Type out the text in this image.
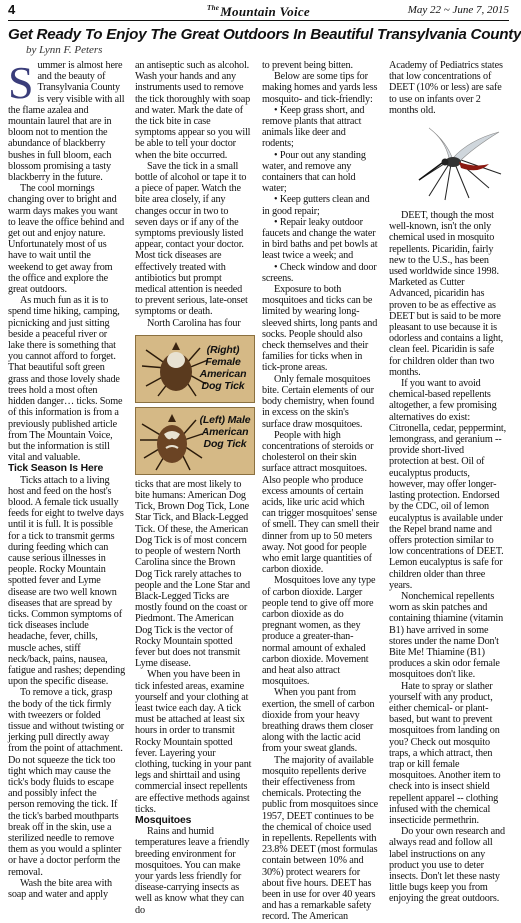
4	$^{The}$Mountain Voice	May 22 ~ June 7, 2015
Get Ready To Enjoy The Great Outdoors In Beautiful Transylvania County
by Lynn F. Peters

Summer is almost here and the beauty of Transylvania County is very visible with all the flame azalea and mountain laurel that are in bloom not to mention the abundance of blackberry bushes in full bloom, each blossom promising a tasty blackberry in the future.

The cool mornings changing over to bright and warm days makes you want to leave the office behind and get out and enjoy nature. Unfortunately most of us have to wait until the weekend to get away from the office and explore the great outdoors.

As much fun as it is to spend time hiking, camping, picnicking and just sitting beside a peaceful river or lake there is something that you cannot afford to forget. That beautiful soft green grass and those lovely shade trees hold a most often hidden danger… ticks. Some of this information is from a previously published article from The Mountain Voice, but the information is still vital and valuable.

Tick Season Is Here

Ticks attach to a living host and feed on the host's blood. A female tick usually feeds for eight to twelve days until it is full. It is possible for a tick to transmit germs during feeding which can cause serious illnesses in people. Rocky Mountain spotted fever and Lyme disease are two well known diseases that are spread by ticks. Common symptoms of tick diseases include headache, fever, chills, muscle aches, stiff neck/back, pains, nausea, fatigue and rashes; depending upon the specific disease.

To remove a tick, grasp the body of the tick firmly with tweezers or folded tissue and without twisting or jerking pull directly away from the point of attachment. Do not squeeze the tick too tight which may cause the tick's body fluids to escape and possibly infect the person removing the tick. If the tick's barbed mouthparts break off in the skin, use a sterilized needle to remove them as you would a splinter or have a doctor perform the removal.

Wash the bite area with soap and water and apply

an antiseptic such as alcohol. Wash your hands and any instruments used to remove the tick thoroughly with soap and water. Mark the date of the tick bite in case symptoms appear so you will be able to tell your doctor when the bite occurred.

Save the tick in a small bottle of alcohol or tape it to a piece of paper. Watch the bite area closely, if any changes occur in two to seven days or if any of the symptoms previously listed appear, contact your doctor. Most tick diseases are effectively treated with antibiotics but prompt medical attention is needed to prevent serious, late-onset symptoms or death.

North Carolina has four

(Right) Female American Dog Tick
(Left) Male American Dog Tick

ticks that are most likely to bite humans: American Dog Tick, Brown Dog Tick, Lone Star Tick, and Black-Legged Tick. Of these, the American Dog Tick is of most concern to people of western North Carolina since the Brown Dog Tick rarely attaches to people and the Lone Star and Black-Legged Ticks are mostly found on the coast or Piedmont. The American Dog Tick is the vector of Rocky Mountain spotted fever but does not transmit Lyme disease.

When you have been in tick infested areas, examine yourself and your clothing at least twice each day. A tick must be attached at least six hours in order to transmit Rocky Mountain spotted fever. Layering your clothing, tucking in your pant legs and shirttail and using commercial insect repellents are effective methods against ticks.

Mosquitoes

Rains and humid temperatures leave a friendly breeding environment for mosquitoes. You can make your yards less friendly for disease-carrying insects as well as know what they can do

to prevent being bitten.

Below are some tips for making homes and yards less mosquito- and tick-friendly:

• Keep grass short, and remove plants that attract animals like deer and rodents;

• Pour out any standing water, and remove any containers that can hold water;

• Keep gutters clean and in good repair;

• Repair leaky outdoor faucets and change the water in bird baths and pet bowls at least twice a week; and

• Check window and door screens.

Exposure to both mosquitoes and ticks can be limited by wearing long-sleeved shirts, long pants and socks. People should also check themselves and their families for ticks when in tick-prone areas.

Only female mosquitoes bite. Certain elements of our body chemistry, when found in excess on the skin's surface draw mosquitoes.

People with high concentrations of steroids or cholesterol on their skin surface attract mosquitoes. Also people who produce excess amounts of certain acids, like uric acid which can trigger mosquitoes' sense of smell. They can smell their dinner from up to 50 meters away. Not good for people who emit large quantities of carbon dioxide.

Mosquitoes love any type of carbon dioxide. Larger people tend to give off more carbon dioxide as do pregnant women, as they produce a greater-than-normal amount of exhaled carbon dioxide. Movement and heat also attract mosquitoes.

When you pant from exertion, the smell of carbon dioxide from your heavy breathing draws them closer along with the lactic acid from your sweat glands.

The majority of available mosquito repellents derive their effectiveness from chemicals. Protecting the public from mosquitoes since 1957, DEET continues to be the chemical of choice used in repellents. Repellents with 23.8% DEET (most formulas contain between 10% and 30%) protect wearers for about five hours. DEET has been in use for over 40 years and has a remarkable safety record. The American

Academy of Pediatrics states that low concentrations of DEET (10% or less) are safe to use on infants over 2 months old.

DEET, though the most well-known, isn't the only chemical used in mosquito repellents. Picaridin, fairly new to the U.S., has been used worldwide since 1998. Marketed as Cutter Advanced, picaridin has proven to be as effective as DEET but is said to be more pleasant to use because it is odorless and contains a light, clean feel. Picaridin is safe for children older than two months.

If you want to avoid chemical-based repellents altogether, a few promising alternatives do exist: Citronella, cedar, peppermint, lemongrass, and geranium -- provide short-lived protection at best. Oil of eucalyptus products, however, may offer longer-lasting protection. Endorsed by the CDC, oil of lemon eucalyptus is available under the Repel brand name and offers protection similar to low concentrations of DEET. Lemon eucalyptus is safe for children older than three years.

Nonchemical repellents worn as skin patches and containing thiamine (vitamin B1) have arrived in some stores under the name Don't Bite Me! Thiamine (B1) produces a skin odor female mosquitoes don't like.

Hate to spray or slather yourself with any product, either chemical- or plant-based, but want to prevent mosquitoes from landing on you? Check out mosquito traps, a which attract, then trap or kill female mosquitoes. Another item to check into is insect shield repellent apparel -- clothing infused with the chemical insecticide permethrin.

Do your own research and always read and follow all label instructions on any product you use to deter insects. Don't let these nasty little bugs keep you from enjoying the great outdoors.
